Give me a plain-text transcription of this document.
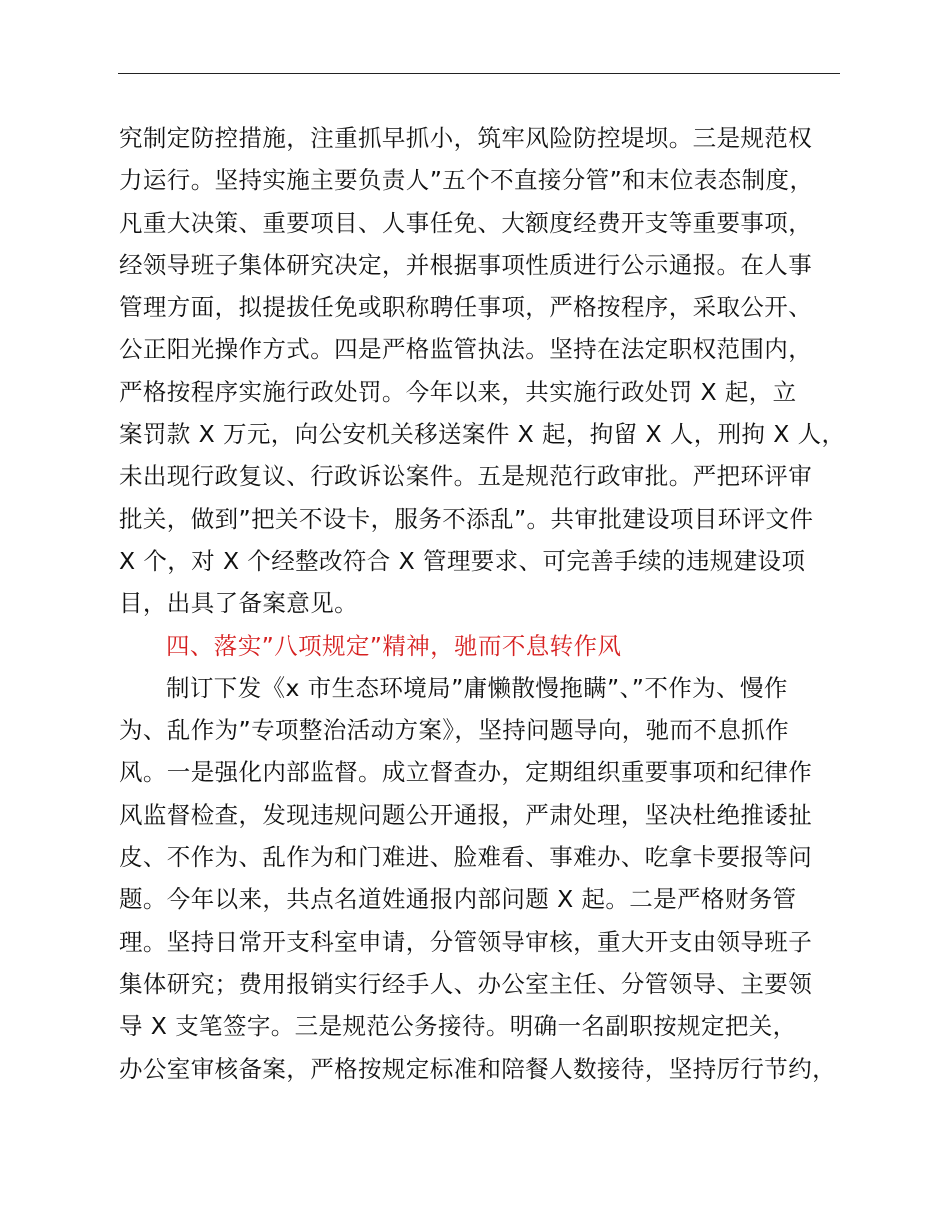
究制定防控措施，注重抓早抓小，筑牢风险防控堤坝。三是规范权
力运行。坚持实施主要负责人”五个不直接分管”和末位表态制度，
凡重大决策、重要项目、人事任免、大额度经费开支等重要事项，
经领导班子集体研究决定，并根据事项性质进行公示通报。在人事
管理方面，拟提拔任免或职称聘任事项，严格按程序，采取公开、
公正阳光操作方式。四是严格监管执法。坚持在法定职权范围内，
严格按程序实施行政处罚。今年以来，共实施行政处罚 X 起，立
案罚款 X 万元，向公安机关移送案件 X 起，拘留 X 人，刑拘 X 人，
未出现行政复议、行政诉讼案件。五是规范行政审批。严把环评审
批关，做到”把关不设卡，服务不添乱”。共审批建设项目环评文件
X 个，对 X 个经整改符合 X 管理要求、可完善手续的违规建设项
目，出具了备案意见。
四、落实”八项规定”精神，驰而不息转作风
制订下发《x 市生态环境局”庸懒散慢拖瞒”、”不作为、慢作
为、乱作为”专项整治活动方案》，坚持问题导向，驰而不息抓作
风。一是强化内部监督。成立督查办，定期组织重要事项和纪律作
风监督检查，发现违规问题公开通报，严肃处理，坚决杜绝推诿扯
皮、不作为、乱作为和门难进、脸难看、事难办、吃拿卡要报等问
题。今年以来，共点名道姓通报内部问题 X 起。二是严格财务管
理。坚持日常开支科室申请，分管领导审核，重大开支由领导班子
集体研究；费用报销实行经手人、办公室主任、分管领导、主要领
导 X 支笔签字。三是规范公务接待。明确一名副职按规定把关，
办公室审核备案，严格按规定标准和陪餐人数接待，坚持厉行节约，
